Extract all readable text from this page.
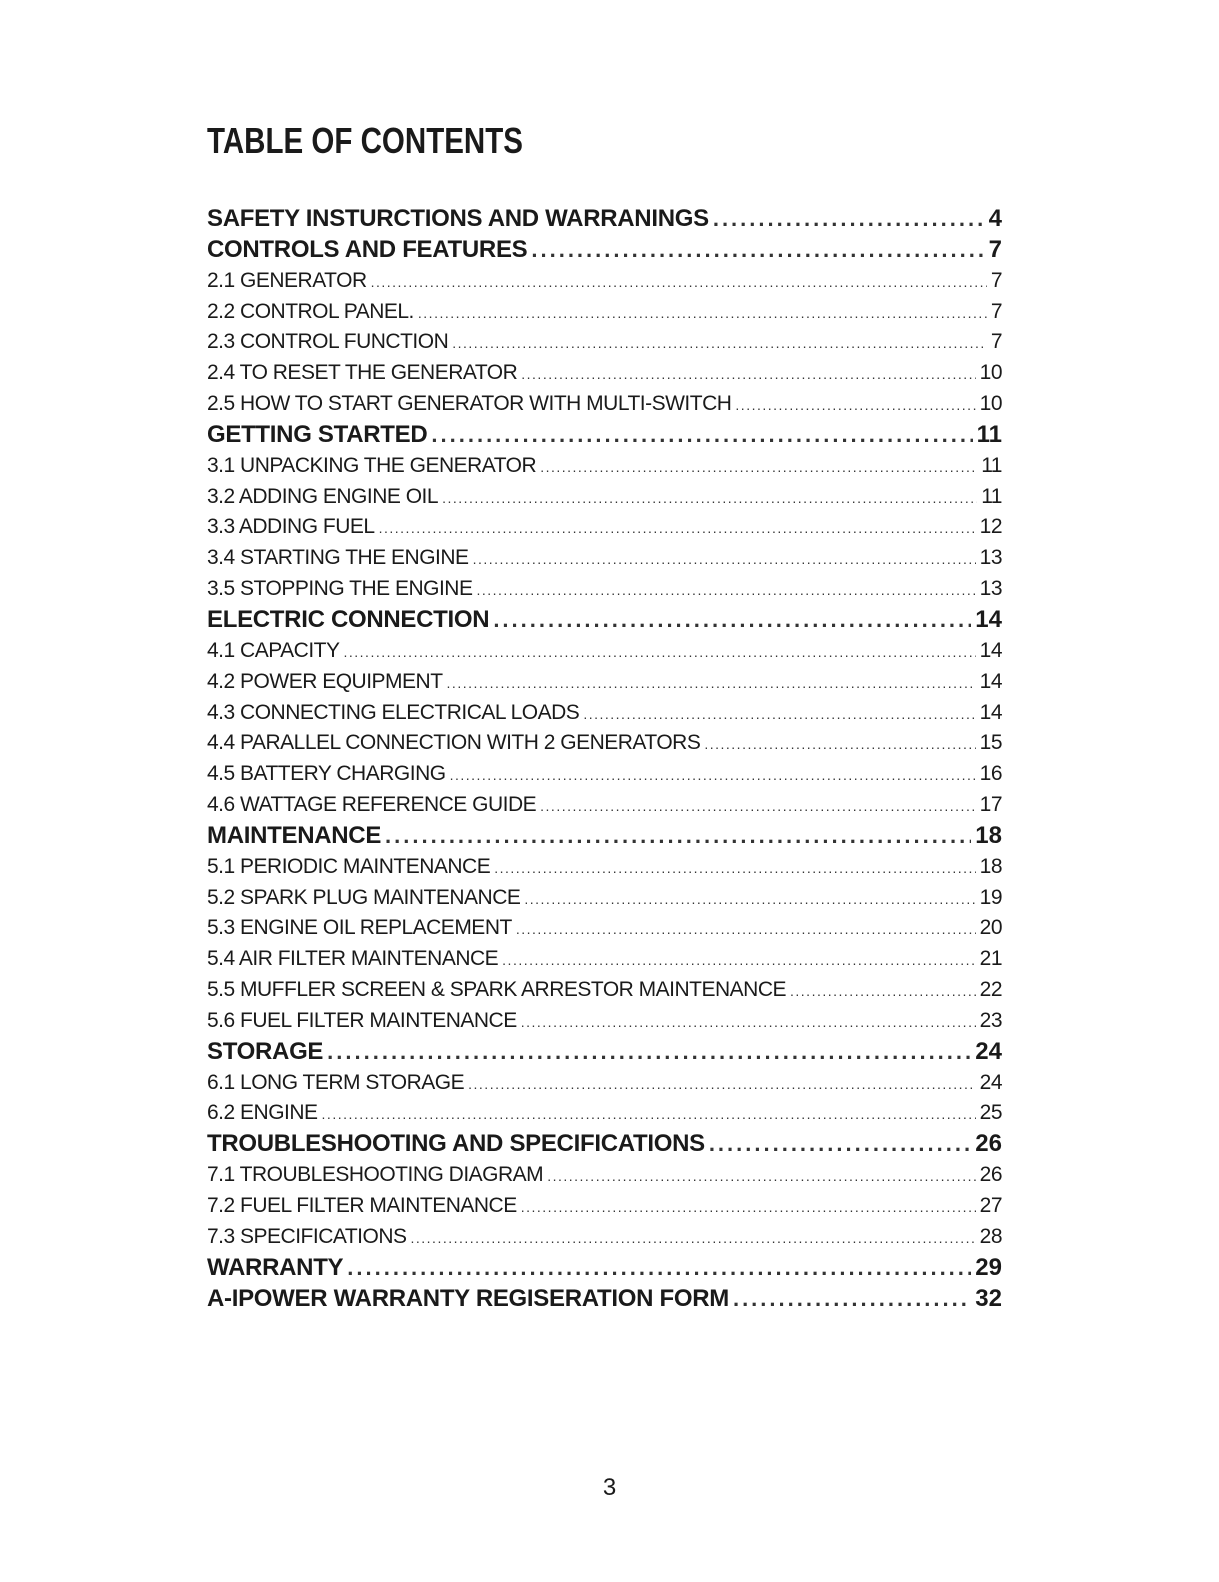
TABLE OF CONTENTS
SAFETY INSTURCTIONS AND WARRANINGS .....	4
CONTROLS AND FEATURES .....	7
2.1 GENERATOR .....	7
2.2 CONTROL PANEL. .....	7
2.3 CONTROL FUNCTION .....	7
2.4 TO RESET THE GENERATOR .....	10
2.5 HOW TO START GENERATOR WITH MULTI-SWITCH .....	10
GETTING STARTED .....	11
3.1 UNPACKING THE GENERATOR .....	11
3.2 ADDING ENGINE OIL .....	11
3.3 ADDING FUEL .....	12
3.4 STARTING THE ENGINE .....	13
3.5 STOPPING THE ENGINE .....	13
ELECTRIC CONNECTION .....	14
4.1 CAPACITY .....	14
4.2 POWER EQUIPMENT .....	14
4.3 CONNECTING ELECTRICAL LOADS .....	14
4.4 PARALLEL CONNECTION WITH 2 GENERATORS .....	15
4.5 BATTERY CHARGING .....	16
4.6 WATTAGE REFERENCE GUIDE .....	17
MAINTENANCE .....	18
5.1 PERIODIC MAINTENANCE .....	18
5.2 SPARK PLUG MAINTENANCE .....	19
5.3 ENGINE OIL REPLACEMENT .....	20
5.4 AIR FILTER MAINTENANCE .....	21
5.5 MUFFLER SCREEN & SPARK ARRESTOR MAINTENANCE .....	22
5.6 FUEL FILTER MAINTENANCE .....	23
STORAGE .....	24
6.1 LONG TERM STORAGE .....	24
6.2 ENGINE .....	25
TROUBLESHOOTING AND SPECIFICATIONS .....	26
7.1 TROUBLESHOOTING DIAGRAM .....	26
7.2 FUEL FILTER MAINTENANCE .....	27
7.3 SPECIFICATIONS .....	28
WARRANTY .....	29
A-IPOWER WARRANTY REGISERATION FORM .....	32
3
